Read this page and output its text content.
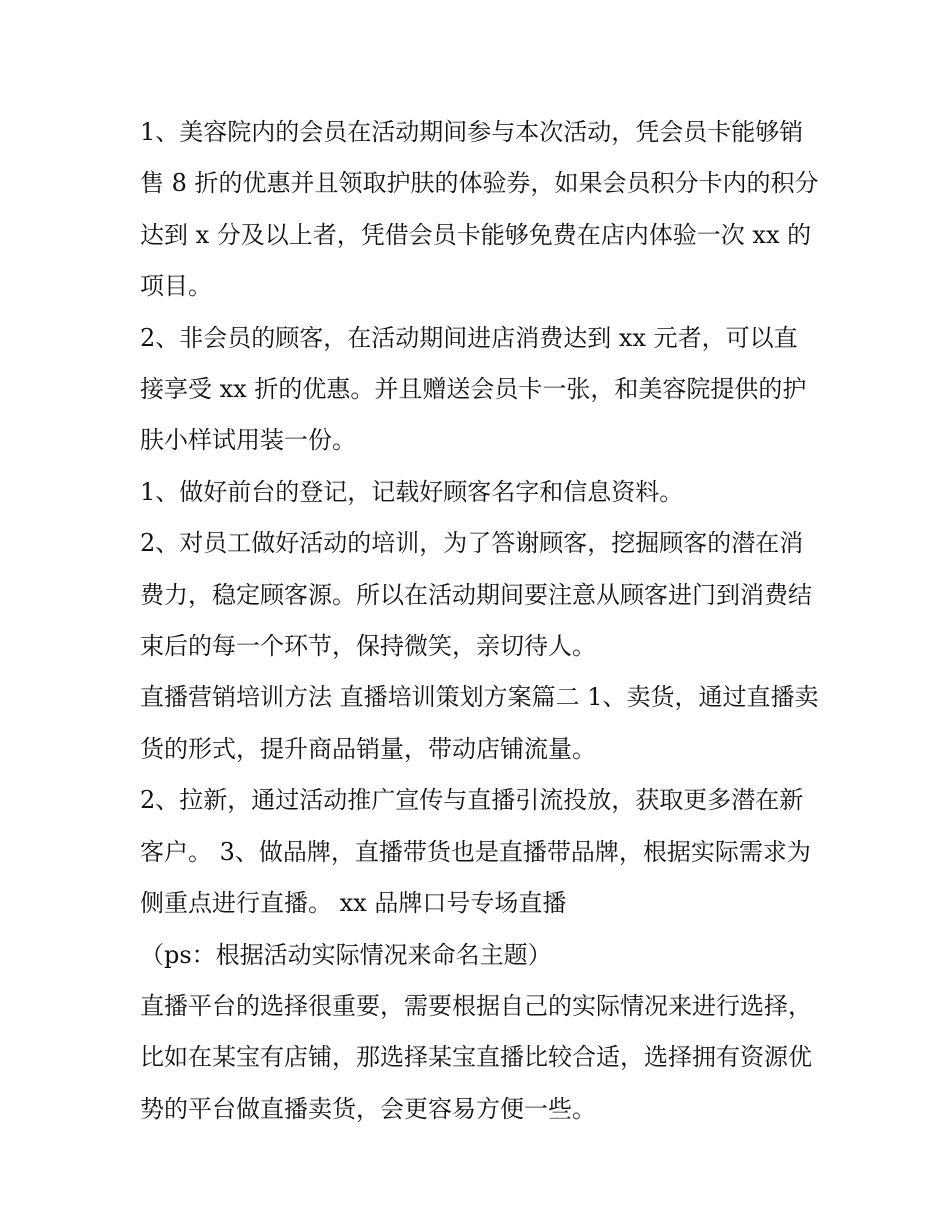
1、美容院内的会员在活动期间参与本次活动，凭会员卡能够销售 8 折的优惠并且领取护肤的体验券，如果会员积分卡内的积分达到 x 分及以上者，凭借会员卡能够免费在店内体验一次 xx 的项目。

2、非会员的顾客，在活动期间进店消费达到 xx 元者，可以直接享受 xx 折的优惠。并且赠送会员卡一张，和美容院提供的护肤小样试用装一份。

1、做好前台的登记，记载好顾客名字和信息资料。

2、对员工做好活动的培训，为了答谢顾客，挖掘顾客的潜在消费力，稳定顾客源。所以在活动期间要注意从顾客进门到消费结束后的每一个环节，保持微笑，亲切待人。

直播营销培训方法 直播培训策划方案篇二 1、卖货，通过直播卖货的形式，提升商品销量，带动店铺流量。

2、拉新，通过活动推广宣传与直播引流投放，获取更多潜在新客户。 3、做品牌，直播带货也是直播带品牌，根据实际需求为侧重点进行直播。 xx 品牌口号专场直播

（ps：根据活动实际情况来命名主题）

直播平台的选择很重要，需要根据自己的实际情况来进行选择，比如在某宝有店铺，那选择某宝直播比较合适，选择拥有资源优势的平台做直播卖货，会更容易方便一些。
